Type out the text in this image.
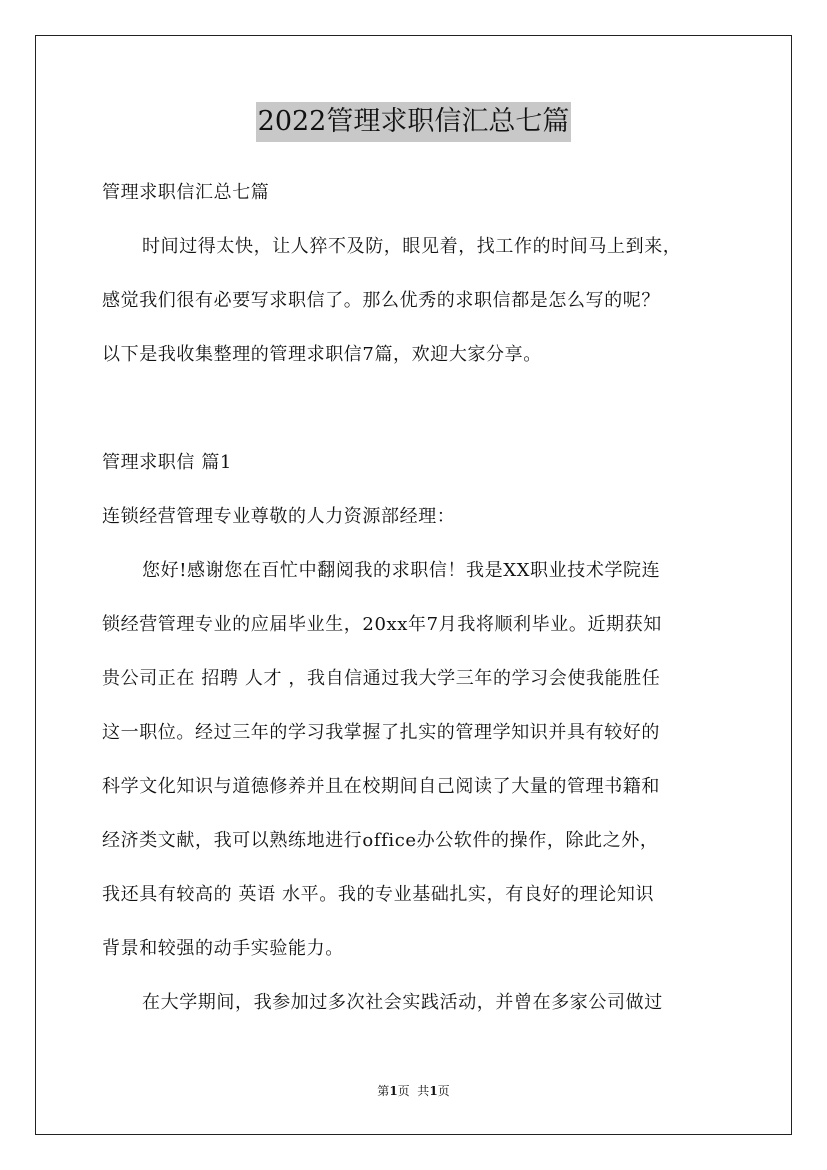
2022管理求职信汇总七篇
管理求职信汇总七篇
时间过得太快，让人猝不及防，眼见着，找工作的时间马上到来，
感觉我们很有必要写求职信了。那么优秀的求职信都是怎么写的呢？
以下是我收集整理的管理求职信7篇，欢迎大家分享。
管理求职信 篇1
连锁经营管理专业尊敬的人力资源部经理：
您好!感谢您在百忙中翻阅我的求职信！我是XX职业技术学院连
锁经营管理专业的应届毕业生，20xx年7月我将顺利毕业。近期获知
贵公司正在 招聘 人才 ，我自信通过我大学三年的学习会使我能胜任
这一职位。经过三年的学习我掌握了扎实的管理学知识并具有较好的
科学文化知识与道德修养并且在校期间自己阅读了大量的管理书籍和
经济类文献，我可以熟练地进行office办公软件的操作，除此之外，
我还具有较高的 英语 水平。我的专业基础扎实，有良好的理论知识
背景和较强的动手实验能力。
在大学期间，我参加过多次社会实践活动，并曾在多家公司做过
第1页  共1页
